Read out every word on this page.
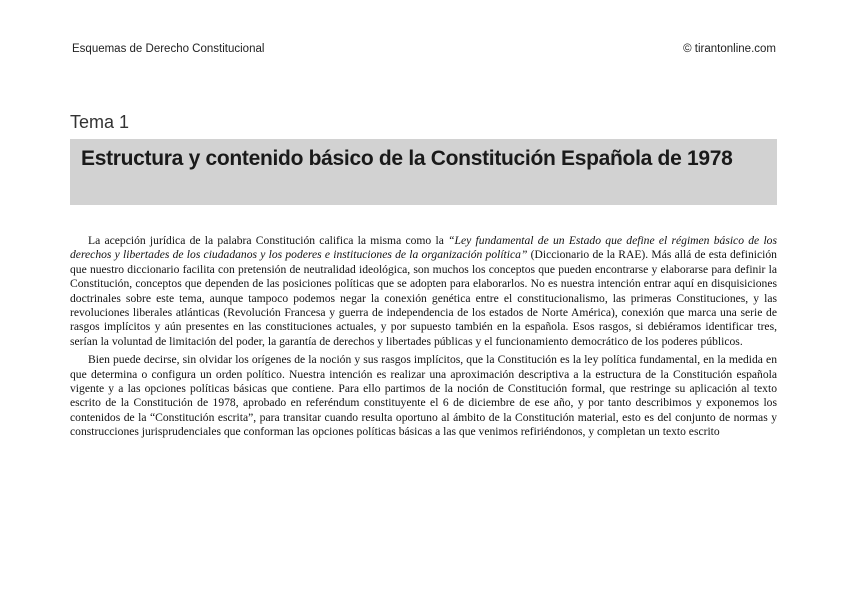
Esquemas de Derecho Constitucional	© tirantonline.com
Tema 1
Estructura y contenido básico de la Constitución Española de 1978

La acepción jurídica de la palabra Constitución califica la misma como la “Ley fundamental de un Estado que define el régimen básico de los derechos y libertades de los ciudadanos y los poderes e instituciones de la organización política” (Diccionario de la RAE). Más allá de esta definición que nuestro diccionario facilita con pretensión de neutralidad ideológica, son muchos los conceptos que pueden encontrarse y elaborarse para definir la Constitución, conceptos que dependen de las posiciones políticas que se adopten para elaborarlos. No es nuestra intención entrar aquí en disquisiciones doctrinales sobre este tema, aunque tampoco podemos negar la conexión genética entre el constitucionalismo, las primeras Constituciones, y las revoluciones liberales atlánticas (Revolución Francesa y guerra de independencia de los estados de Norte América), conexión que marca una serie de rasgos implícitos y aún presentes en las constituciones actuales, y por supuesto también en la española. Esos rasgos, si debiéramos identificar tres, serían la voluntad de limitación del poder, la garantía de derechos y libertades públicas y el funcionamiento democrático de los poderes públicos.

Bien puede decirse, sin olvidar los orígenes de la noción y sus rasgos implícitos, que la Constitución es la ley política fundamental, en la medida en que determina o configura un orden político. Nuestra intención es realizar una aproximación descriptiva a la estructura de la Constitución española vigente y a las opciones políticas básicas que contiene. Para ello partimos de la noción de Constitución formal, que restringe su aplicación al texto escrito de la Constitución de 1978, aprobado en referéndum constituyente el 6 de diciembre de ese año, y por tanto describimos y exponemos los contenidos de la “Constitución escrita”, para transitar cuando resulta oportuno al ámbito de la Constitución material, esto es del conjunto de normas y construcciones jurisprudenciales que conforman las opciones políticas básicas a las que venimos refiriéndonos, y completan un texto escrito
